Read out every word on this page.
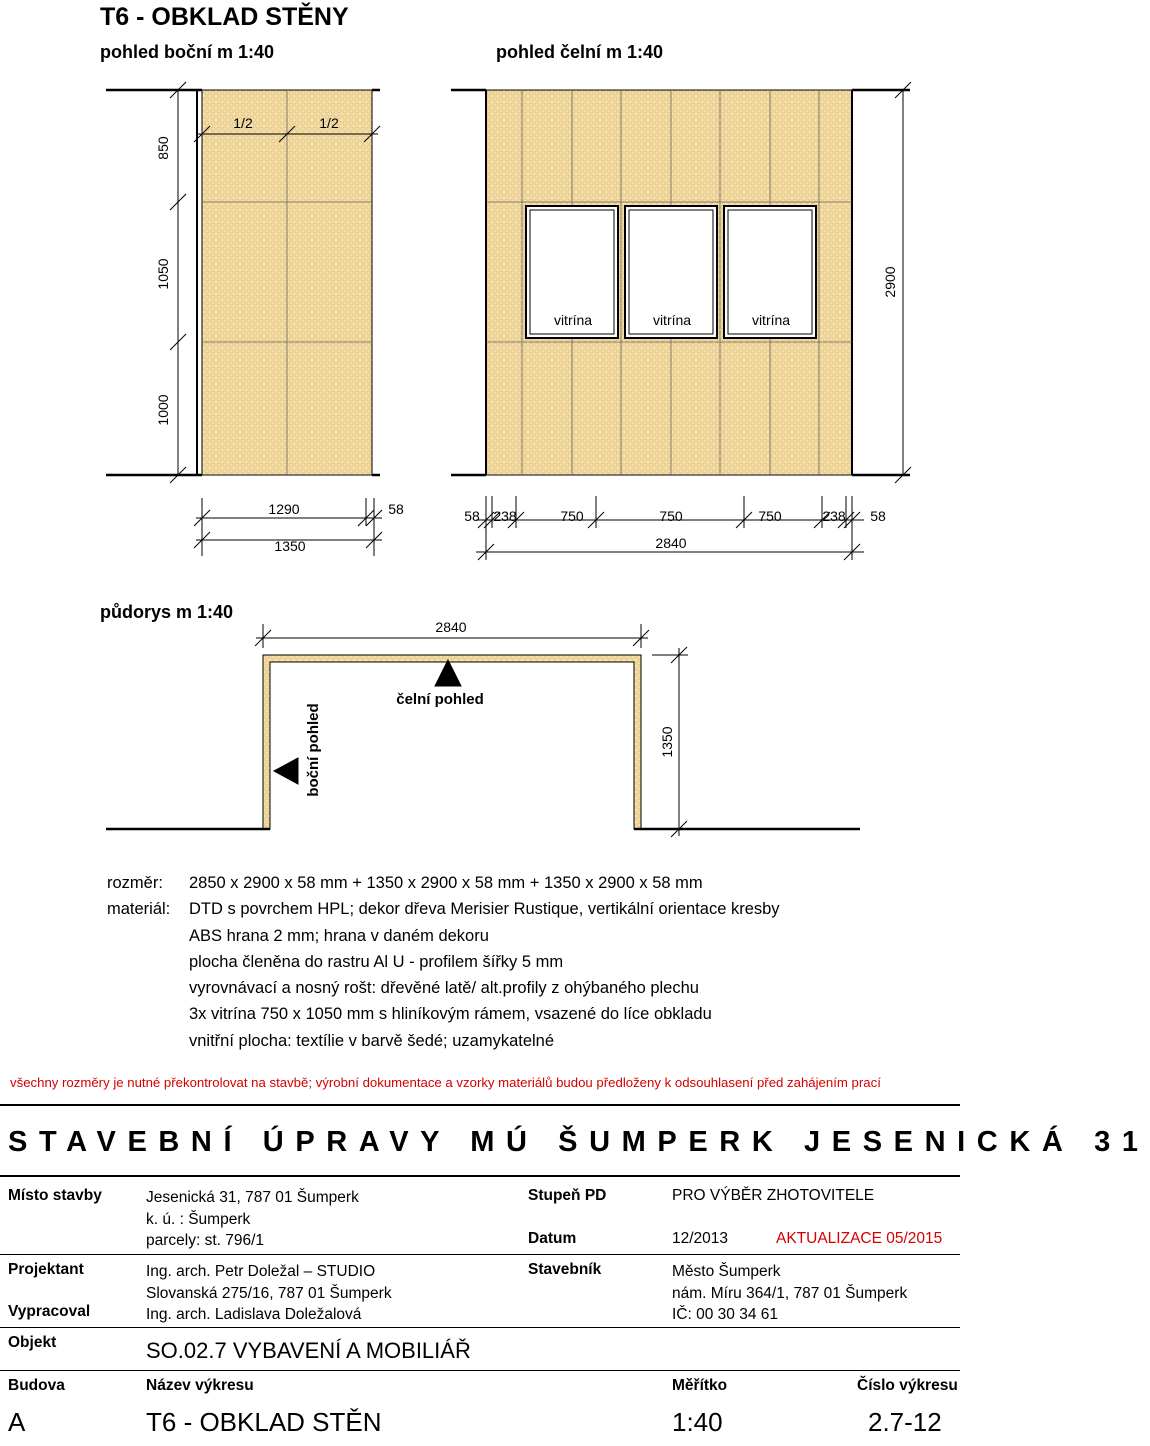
T6 - OBKLAD STĚNY
pohled boční m 1:40	pohled čelní m 1:40
půdorys m 1:40
850
1050
1000
1/2	1/2
1290	58
1350
vitrína	vitrína	vitrína
2900
58 238	750	750	750	238 58
2840
2840
1350
čelní pohled
boční pohled
rozměr: 2850 x 2900 x 58 mm + 1350 x 2900 x 58 mm + 1350 x 2900 x 58 mm
materiál: DTD s povrchem HPL; dekor dřeva Merisier Rustique, vertikální orientace kresby
ABS hrana 2 mm; hrana v daném dekoru
plocha členěna do rastru Al U - profilem šířky 5 mm
vyrovnávací a nosný rošt: dřevěné latě/ alt.profily z ohýbaného plechu
3x vitrína 750 x 1050 mm s hliníkovým rámem, vsazené do líce obkladu
vnitřní plocha: textílie v barvě šedé; uzamykatelné
všechny rozměry je nutné překontrolovat na stavbě; výrobní dokumentace a vzorky materiálů budou předloženy k odsouhlasení před zahájením prací
STAVEBNÍ ÚPRAVY MÚ ŠUMPERK JESENICKÁ 31
Místo stavby	Jesenická 31, 787 01 Šumperk
k. ú. : Šumperk
parcely: st. 796/1
Stupeň PD	PRO VÝBĚR ZHOTOVITELE
Datum	12/2013	AKTUALIZACE 05/2015
Projektant	Ing. arch. Petr Doležal – STUDIO
Slovanská 275/16, 787 01 Šumperk
Ing. arch. Ladislava Doležalová
Vypracoval
Stavebník	Město Šumperk
nám. Míru 364/1, 787 01 Šumperk
IČ: 00 30 34 61
Objekt	SO.02.7 VYBAVENÍ A MOBILIÁŘ
Budova	Název výkresu	Měřítko	Číslo výkresu
A	T6 - OBKLAD STĚN	1:40	2.7-12
